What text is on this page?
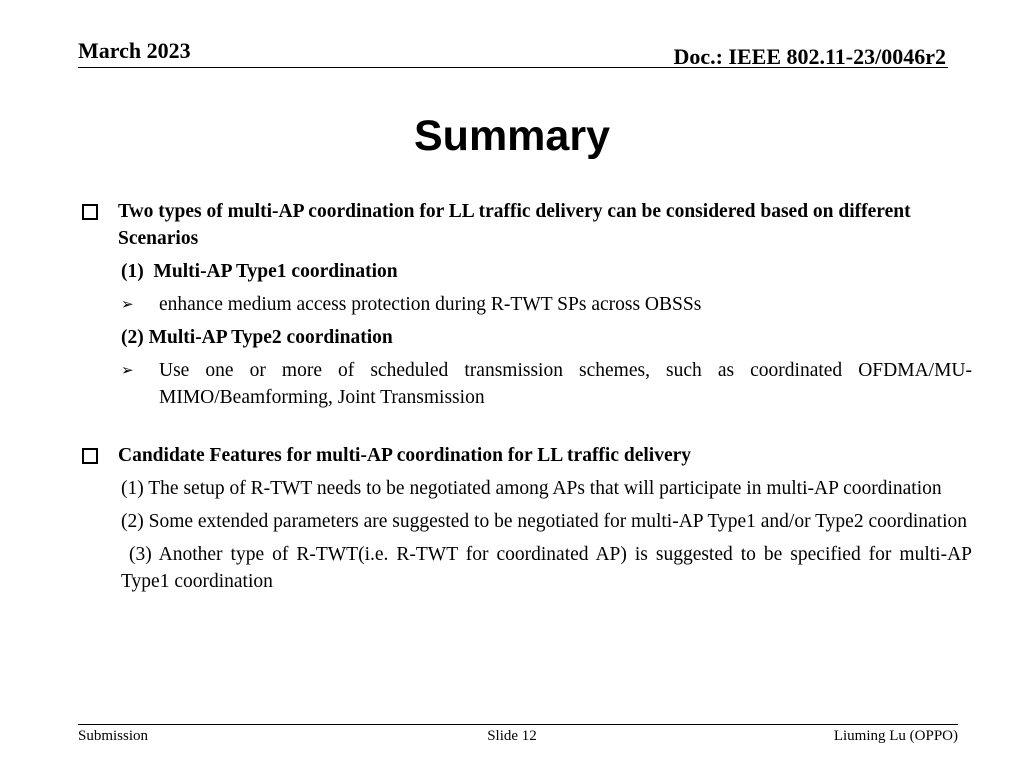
March 2023	Doc.: IEEE 802.11-23/0046r2
Summary
Two types of multi-AP coordination for LL traffic delivery can be considered based on different Scenarios
(1)  Multi-AP Type1 coordination
➢	enhance medium access protection during R-TWT SPs across OBSSs
(2) Multi-AP Type2 coordination
➢	Use one or more of scheduled transmission schemes, such as coordinated OFDMA/MU-MIMO/Beamforming, Joint Transmission
Candidate Features for multi-AP coordination for LL traffic delivery
(1) The setup of R-TWT needs to be negotiated among APs that will participate in multi-AP coordination
(2) Some extended parameters are suggested to be negotiated for multi-AP Type1 and/or Type2 coordination
(3) Another type of R-TWT(i.e. R-TWT for coordinated AP) is suggested to be specified for multi-AP Type1 coordination
Submission	Slide 12	Liuming Lu (OPPO)
